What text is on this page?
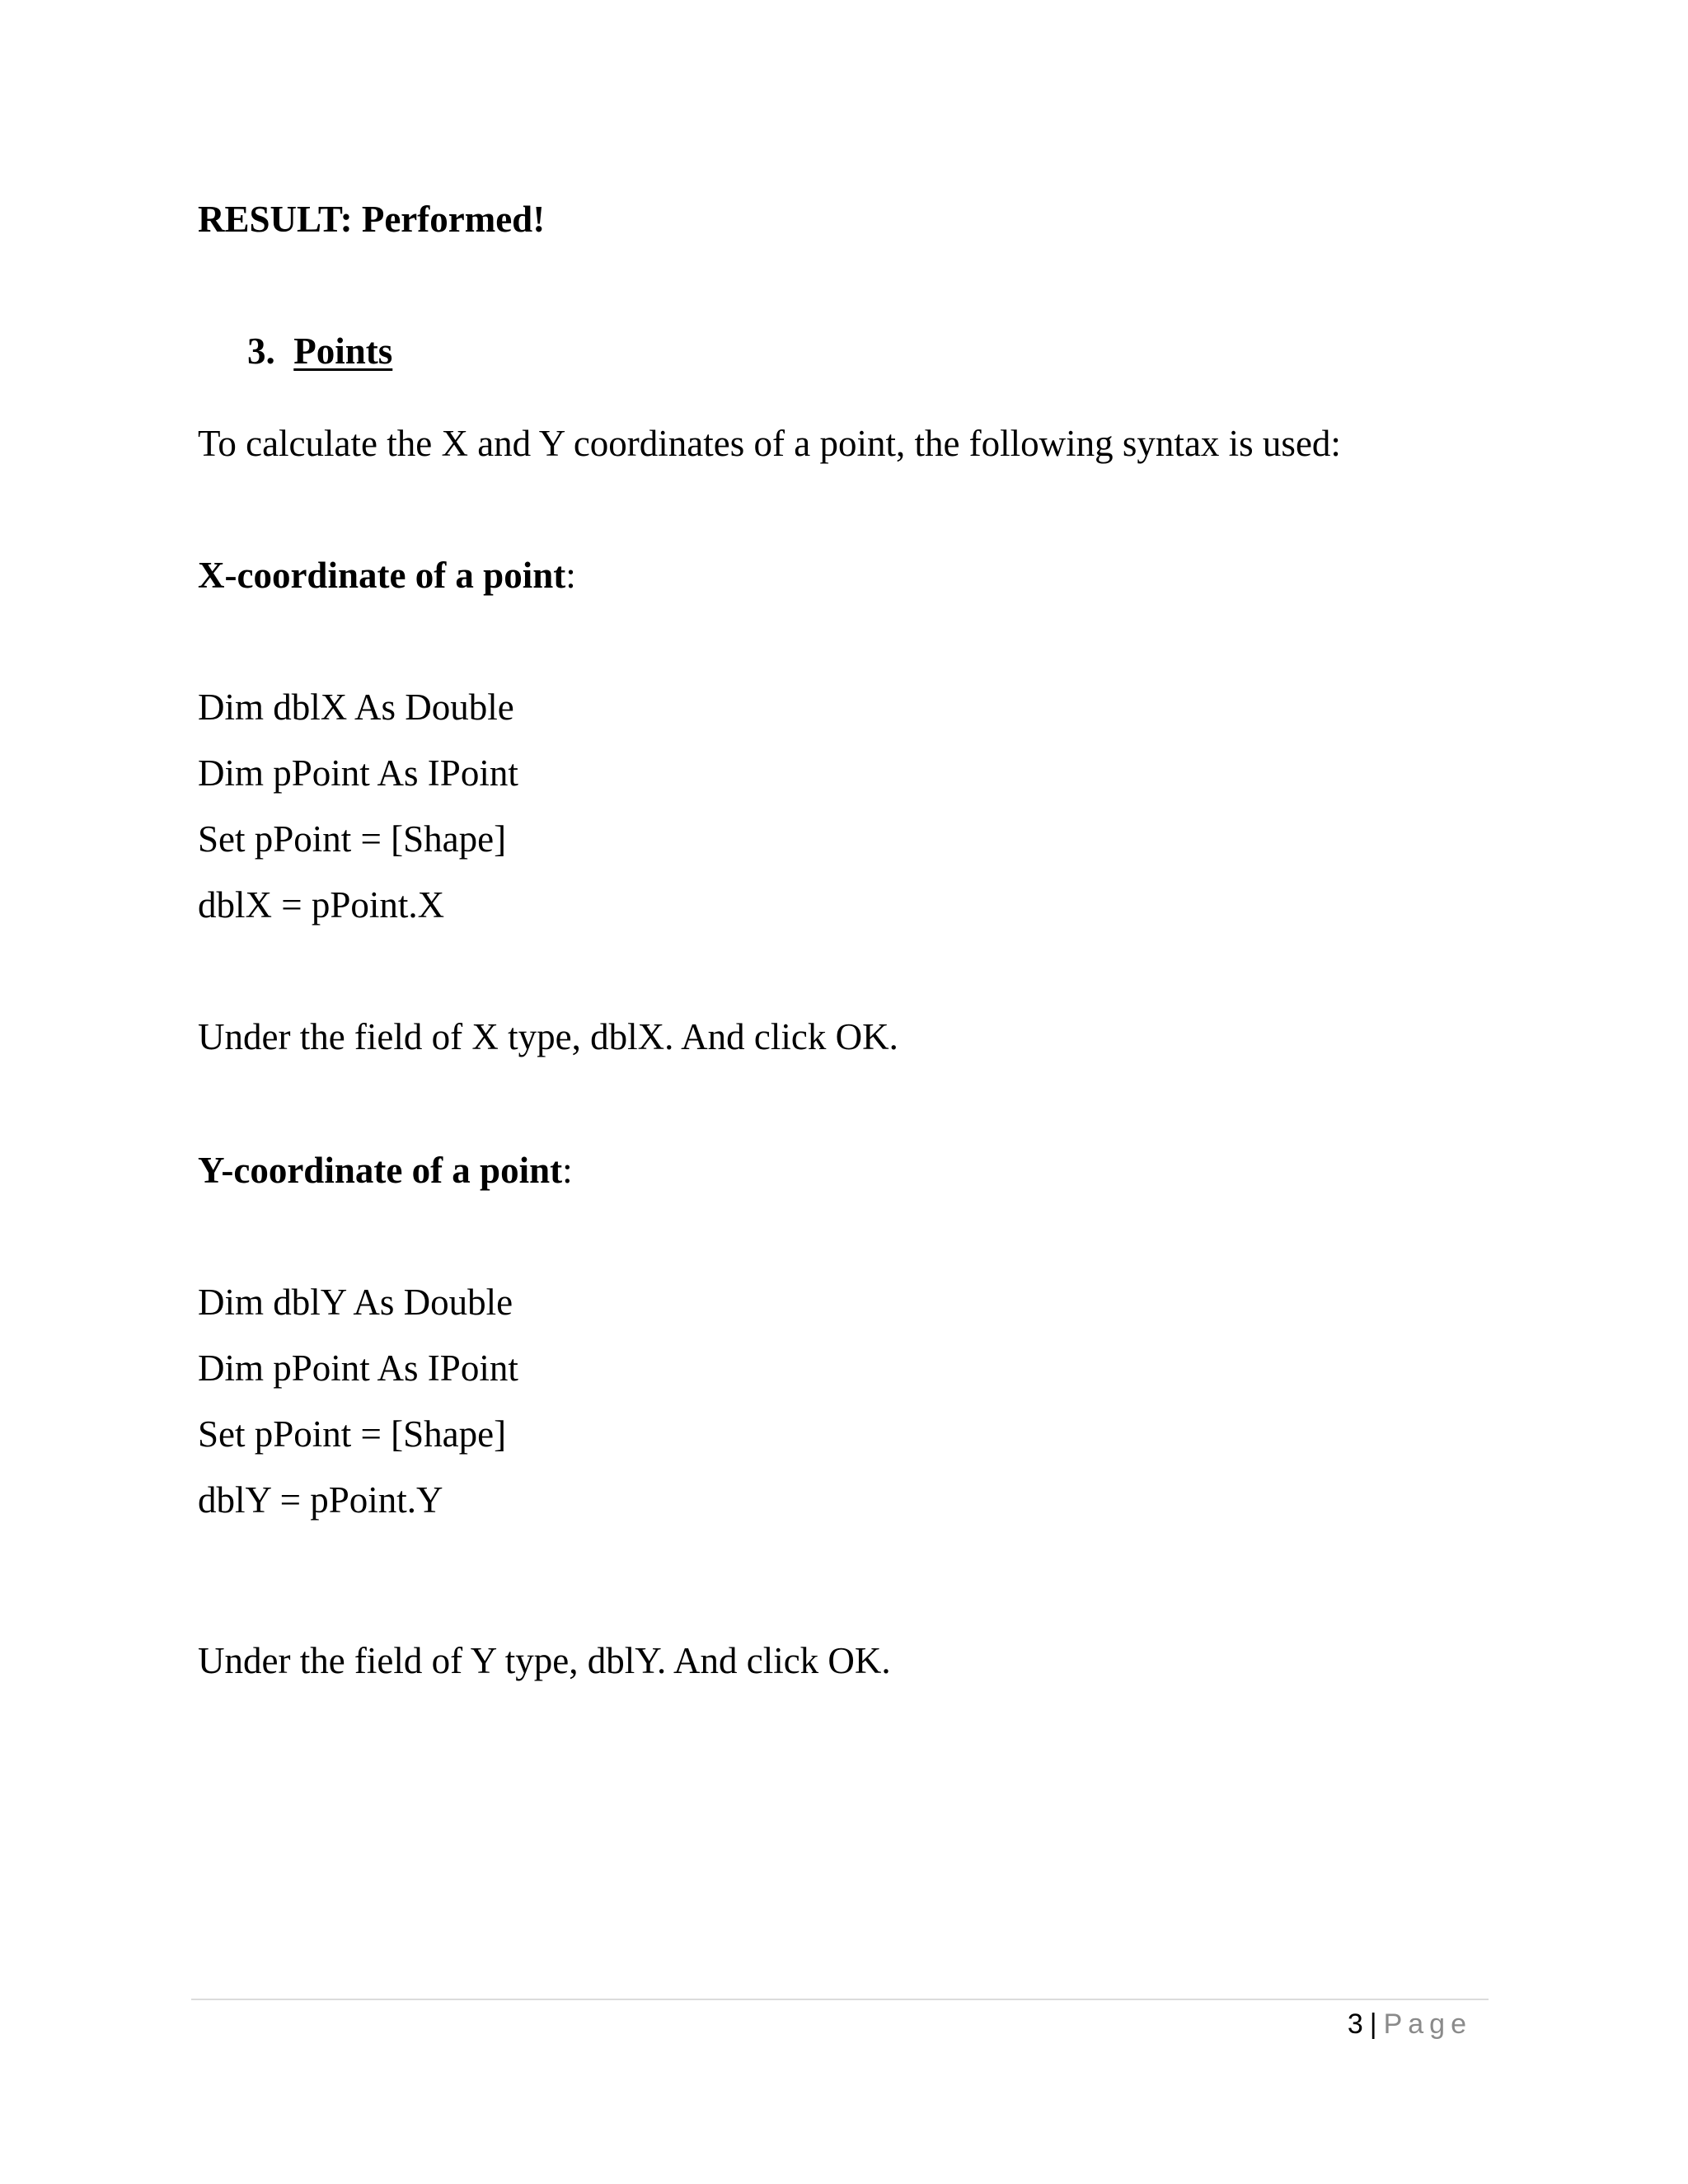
RESULT: Performed!
3. Points
To calculate the X and Y coordinates of a point, the following syntax is used:
X-coordinate of a point:
Dim dblX As Double
Dim pPoint As IPoint
Set pPoint = [Shape]
dblX = pPoint.X
Under the field of X type, dblX. And click OK.
Y-coordinate of a point:
Dim dblY As Double
Dim pPoint As IPoint
Set pPoint = [Shape]
dblY = pPoint.Y
Under the field of Y type, dblY. And click OK.
3 | Page
